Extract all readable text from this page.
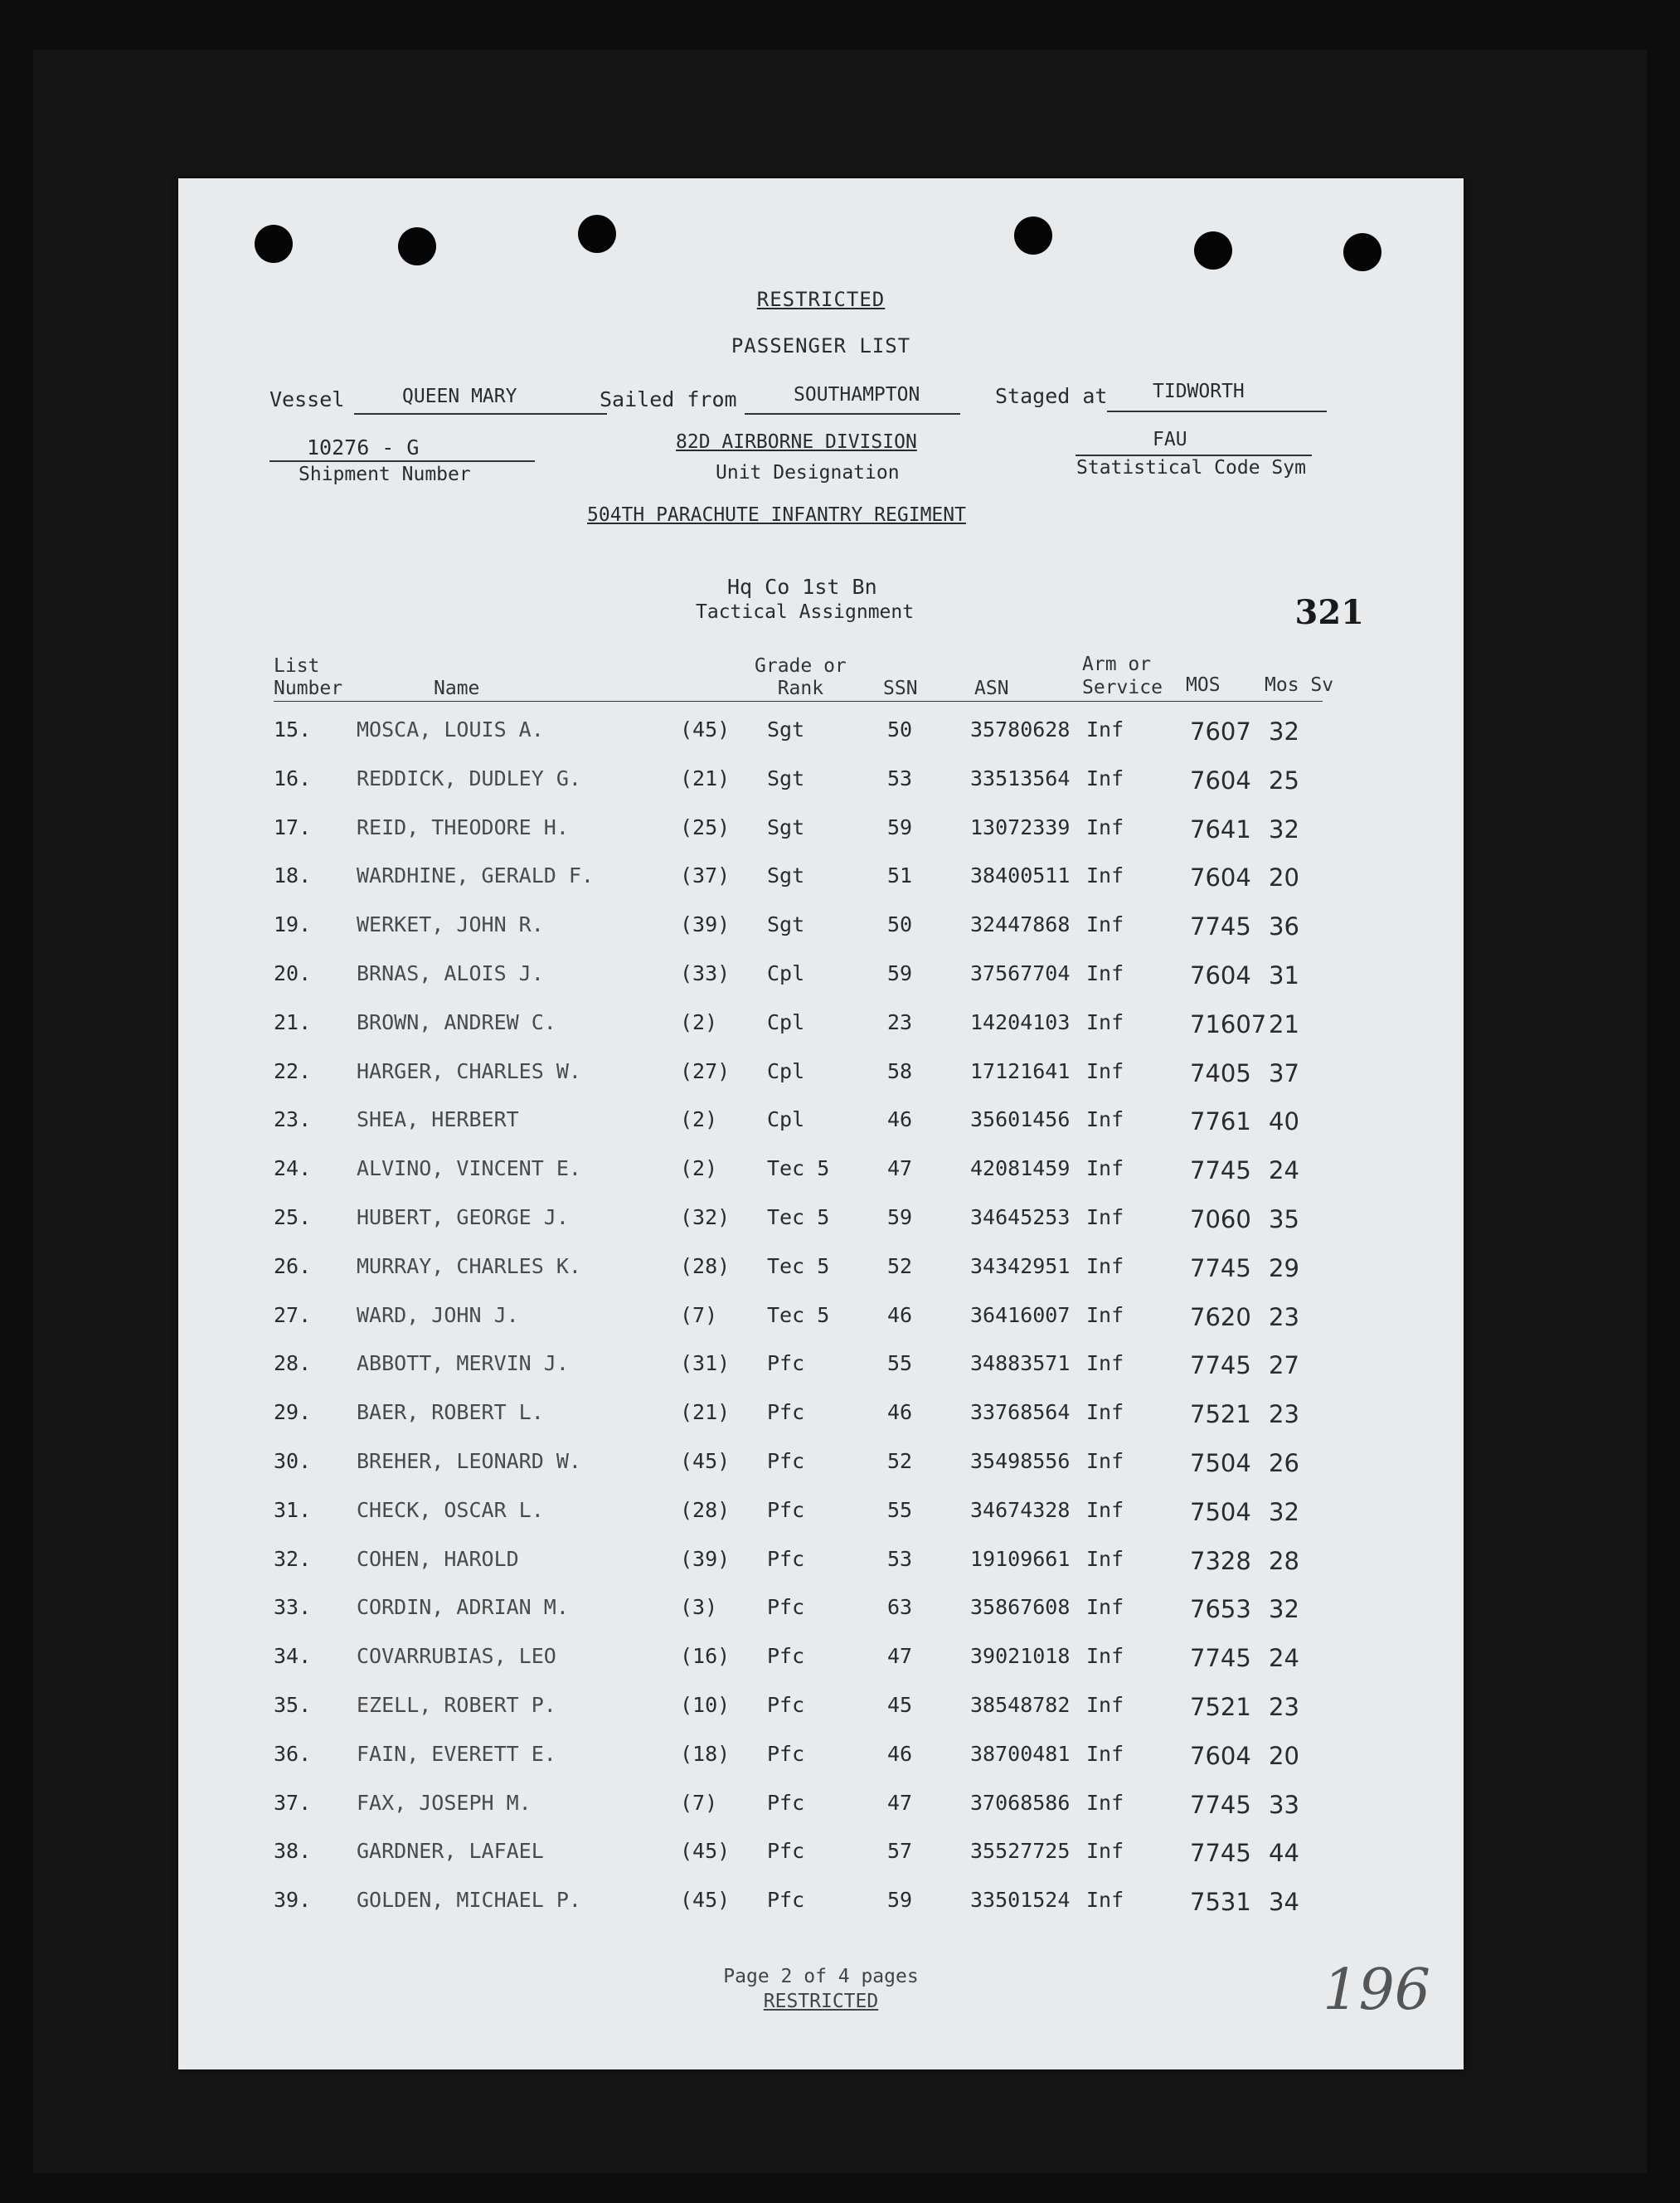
RESTRICTED
PASSENGER LIST
Vessel	QUEEN MARY	Sailed from	SOUTHAMPTON	Staged at TIDWORTH
10276 - G
Shipment Number
82D AIRBORNE DIVISION
Unit Designation
FAU
Statistical Code Sym
504TH PARACHUTE INFANTRY REGIMENT
Hq Co 1st Bn
Tactical Assignment	321
List
Number	Name
Grade or
Rank	SSN	ASN
Arm or
Service MOS Mos Sv
15. MOSCA, LOUIS A.	(45) Sgt	50	35780628 Inf	7607 32
16. REDDICK, DUDLEY G.	(21) Sgt	53	33513564 Inf	7604 25
17. REID, THEODORE H.	(25) Sgt	59	13072339 Inf	7641 32
18. WARDHINE, GERALD F.	(37) Sgt	51	38400511 Inf	7604 20
19. WERKET, JOHN R.	(39) Sgt	50	32447868 Inf	7745 36
20. BRNAS, ALOIS J.	(33) Cpl	59	37567704 Inf	7604 31
21. BROWN, ANDREW C.	(2) Cpl	23	14204103 Inf	71607 21
22. HARGER, CHARLES W.	(27) Cpl	58	17121641 Inf	7405 37
23. SHEA, HERBERT	(2) Cpl	46	35601456 Inf	7761 40
24. ALVINO, VINCENT E.	(2) Tec 5	47	42081459 Inf	7745 24
25. HUBERT, GEORGE J.	(32) Tec 5	59	34645253 Inf	7060 35
26. MURRAY, CHARLES K.	(28) Tec 5	52	34342951 Inf	7745 29
27. WARD, JOHN J.	(7) Tec 5	46	36416007 Inf	7620 23
28. ABBOTT, MERVIN J.	(31) Pfc	55	34883571 Inf	7745 27
29. BAER, ROBERT L.	(21) Pfc	46	33768564 Inf	7521 23
30. BREHER, LEONARD W.	(45) Pfc	52	35498556 Inf	7504 26
31. CHECK, OSCAR L.	(28) Pfc	55	34674328 Inf	7504 32
32. COHEN, HAROLD	(39) Pfc	53	19109661 Inf	7328 28
33. CORDIN, ADRIAN M.	(3) Pfc	63	35867608 Inf	7653 32
34. COVARRUBIAS, LEO	(16) Pfc	47	39021018 Inf	7745 24
35. EZELL, ROBERT P.	(10) Pfc	45	38548782 Inf	7521 23
36. FAIN, EVERETT E.	(18) Pfc	46	38700481 Inf	7604 20
37. FAX, JOSEPH M.	(7) Pfc	47	37068586 Inf	7745 33
38. GARDNER, LAFAEL	(45) Pfc	57	35527725 Inf	7745 44
39. GOLDEN, MICHAEL P.	(45) Pfc	59	33501524 Inf	7531 34
Page 2 of 4 pages
RESTRICTED	196
